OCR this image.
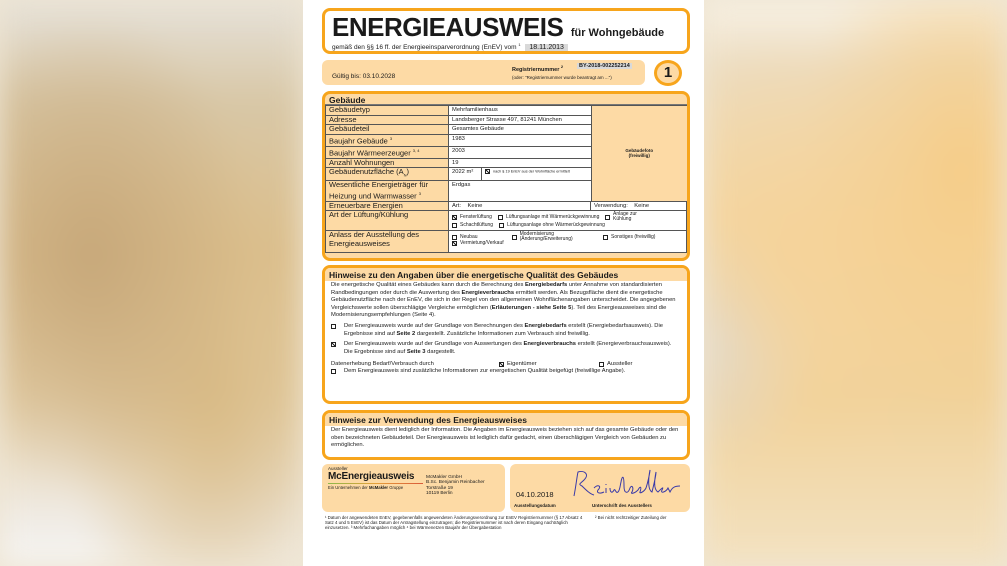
ENERGIEAUSWEIS für Wohngebäude
gemäß den §§ 16 ff. der Energieeinsparverordnung (EnEV) vom $^1$ 18.11.2013
Gültig bis: 03.10.2028
Registriernummer $^2$	BY-2018-002252214
(oder: "Registriernummer wurde beantragt am ...")	1
Gebäude
Gebäudetyp	Mehrfamilienhaus		Gebäudefoto
(freiwillig)

Adresse	Landsberger Strasse 497, 81241 München		
Gebäudeteil	Gesamtes Gebäude		
Baujahr Gebäude $^3$	1983		
Baujahr Wärmeerzeuger $^{3, 4}$	2003		
Anzahl Wohnungen	19		
Gebäudenutzfläche $(A_N)$	2022 m²	nach § 19 EnEV aus der Wohnfläche ermittelt	
Wesentliche Energieträger für Heizung und Warmwasser $^3$	Erdgas		
Erneuerbare Energien	Art: Keine Verwendung: Keine		

Art der Lüftung/Kühlung	Fensterlüftung Lüftungsanlage mit Wärmerückgewinnung Anlage zur Kühlung
Schachtlüftung Lüftungsanlage ohne Wärmerückgewinnung		

Anlass der Ausstellung des Energieausweises	Neubau Modernisierung (Änderung/Erweiterung) Sonstiges (freiwillig)
Vermietung/Verkauf		
Hinweise zu den Angaben über die energetische Qualität des Gebäudes
Die energetische Qualität eines Gebäudes kann durch die Berechnung des Energiebedarfs unter Annahme von standardisierten Randbedingungen oder durch die Auswertung des Energieverbrauchs ermittelt werden. Als Bezugsfläche dient die energetische Gebäudenutzfläche nach der EnEV, die sich in der Regel von den allgemeinen Wohnflächenangaben unterscheidet. Die angegebenen Vergleichswerte sollen überschlägige Vergleiche ermöglichen (Erläuterungen - siehe Seite 5). Teil des Energieausweises sind die Modernisierungsempfehlungen (Seite 4).
Der Energieausweis wurde auf der Grundlage von Berechnungen des Energiebedarfs erstellt (Energiebedarfsausweis). Die Ergebnisse sind auf Seite 2 dargestellt. Zusätzliche Informationen zum Verbrauch sind freiwillig.
Der Energieausweis wurde auf der Grundlage von Auswertungen des Energieverbrauchs erstellt (Energieverbrauchsausweis). Die Ergebnisse sind auf Seite 3 dargestellt.
Datenerhebung Bedarf/Verbrauch durch	Eigentümer	Aussteller
Dem Energieausweis sind zusätzliche Informationen zur energetischen Qualität beigefügt (freiwillige Angabe).
Hinweise zur Verwendung des Energieausweises
Der Energieausweis dient lediglich der Information. Die Angaben im Energieausweis beziehen sich auf das gesamte Gebäude oder den oben bezeichneten Gebäudeteil. Der Energieausweis ist lediglich dafür gedacht, einen überschlägigen Vergleich von Gebäuden zu ermöglichen.
Aussteller
McEnergieausweis
Ein Unternehmen der McMakler Gruppe
McMakler GmbH
B.Sc. Benjamin Reinbacher
Torstraße 19
10119 Berlin	04.10.2018
Ausstellungsdatum	Unterschrift des Ausstellers
¹ Datum der angewendeten EnEV, gegebenenfalls angewendeten Änderungsverordnung zur EnEV Registriernummer (§ 17 Absatz 4 Satz 4 und 5 EnEV) ist das Datum der Antragstellung einzutragen; die Registriernummer ist nach deren Eingang nachträglich einzusetzen. ³ Mehrfachangaben möglich ⁴ bei Wärmenetzen Baujahr der Übergabestation
² Bei nicht rechtzeitiger Zuteilung der
